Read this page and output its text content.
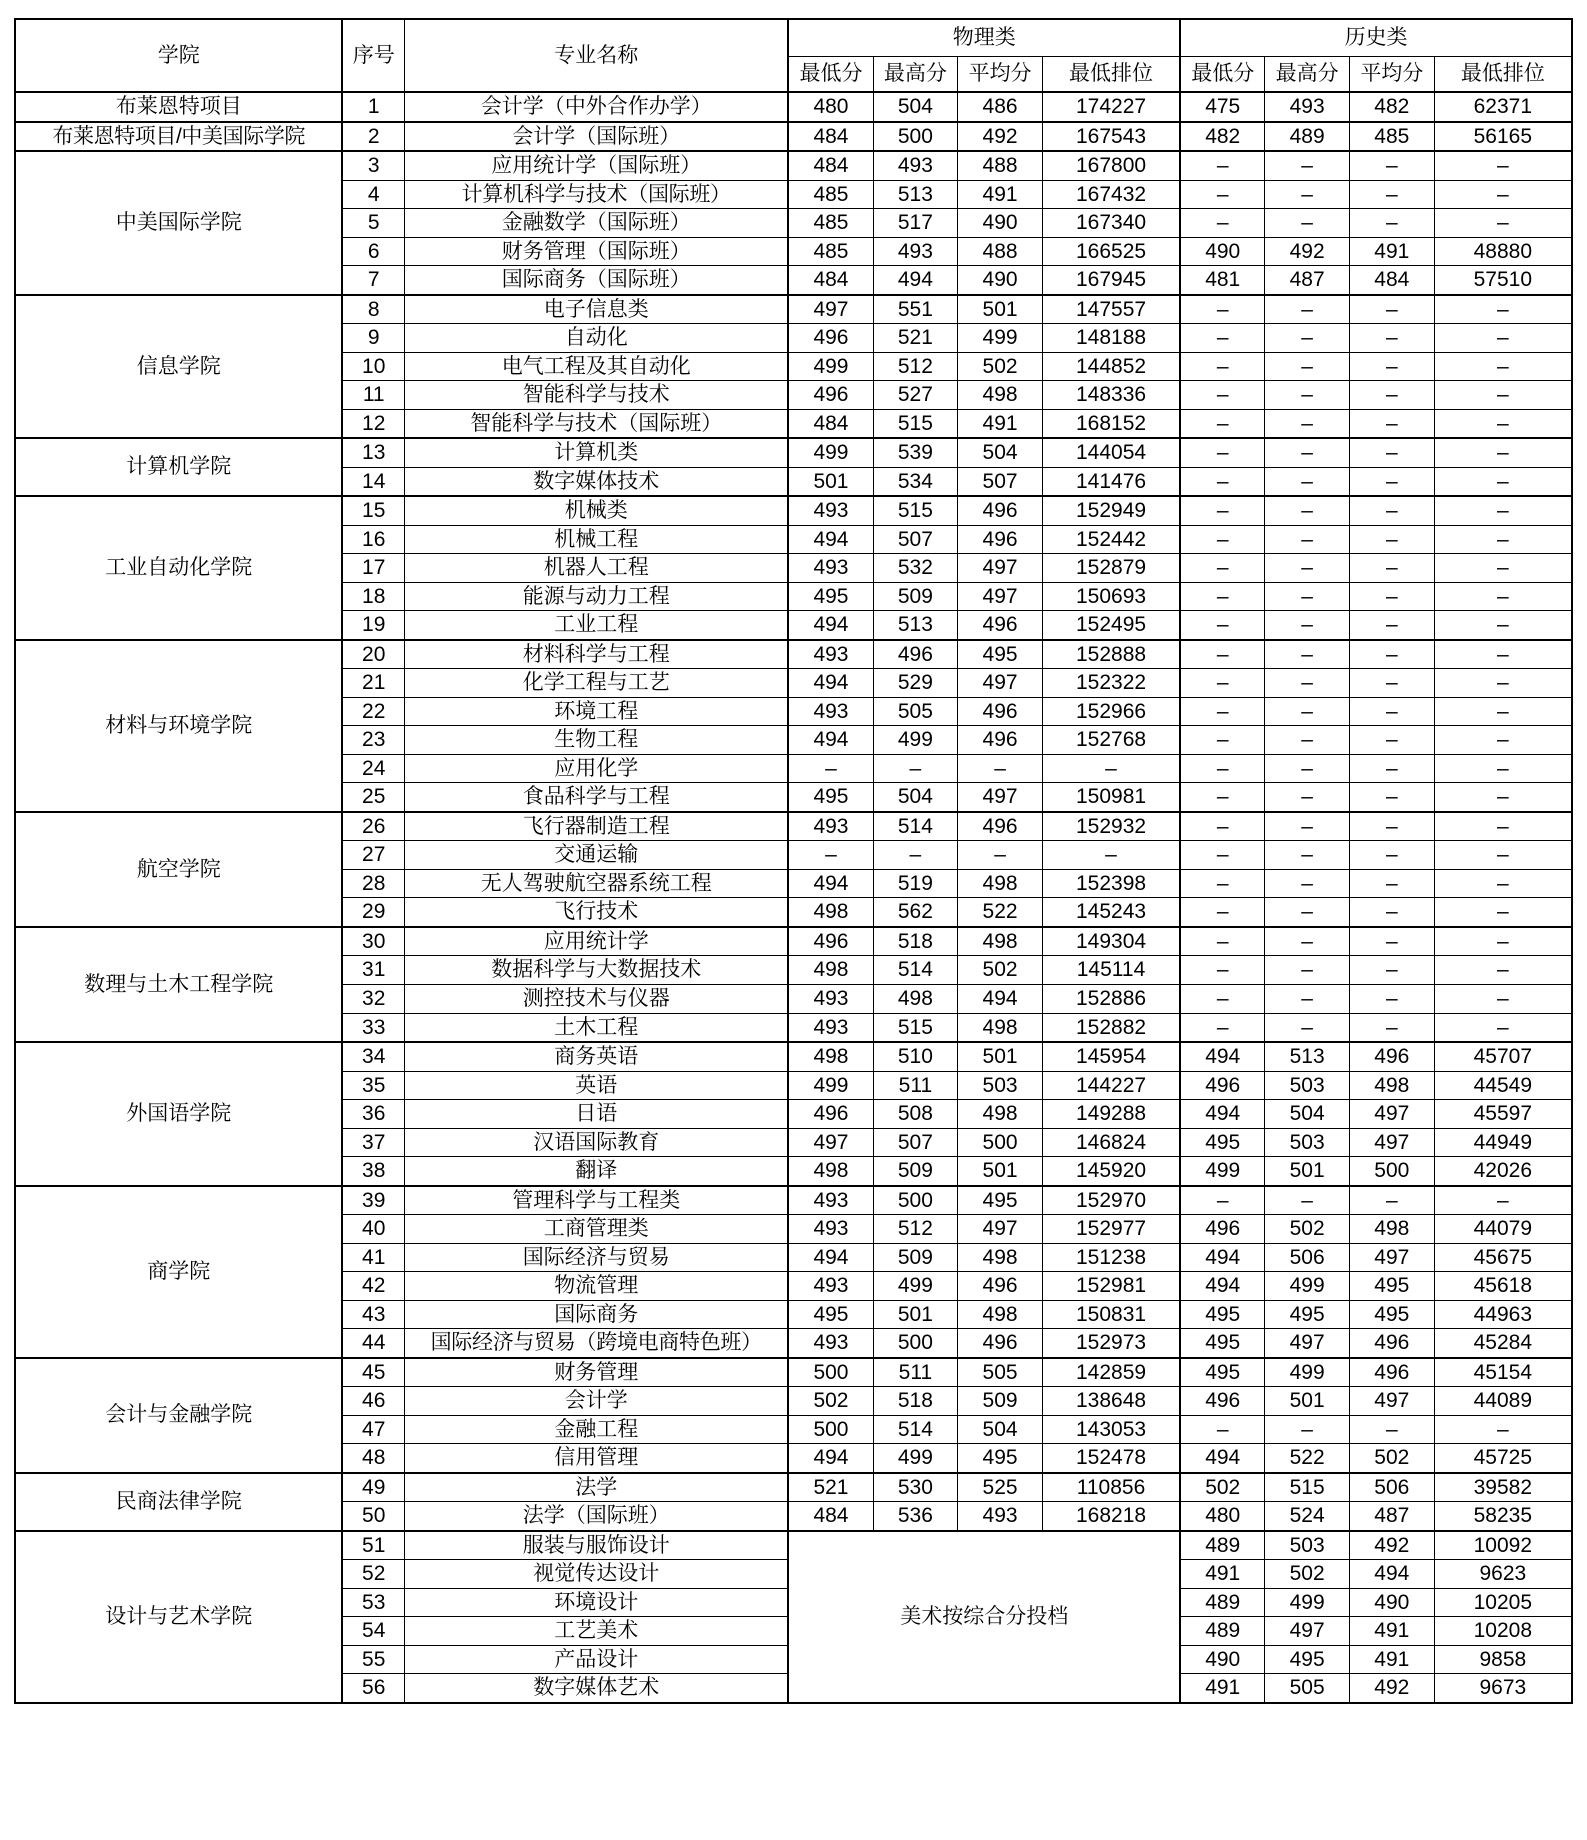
学院	序号	专业名称	物理类				历史类			
			最低分	最高分	平均分	最低排位	最低分	最高分	平均分	最低排位
布莱恩特项目	1	会计学（中外合作办学）	480	504	486	174227	475	493	482	62371
布莱恩特项目/中美国际学院	2	会计学（国际班）	484	500	492	167543	482	489	485	56165
中美国际学院	3	应用统计学（国际班）	484	493	488	167800	–	–	–	–
	4	计算机科学与技术（国际班）	485	513	491	167432	–	–	–	–
	5	金融数学（国际班）	485	517	490	167340	–	–	–	–
	6	财务管理（国际班）	485	493	488	166525	490	492	491	48880
	7	国际商务（国际班）	484	494	490	167945	481	487	484	57510
信息学院	8	电子信息类	497	551	501	147557	–	–	–	–
	9	自动化	496	521	499	148188	–	–	–	–
	10	电气工程及其自动化	499	512	502	144852	–	–	–	–
	11	智能科学与技术	496	527	498	148336	–	–	–	–
	12	智能科学与技术（国际班）	484	515	491	168152	–	–	–	–
计算机学院	13	计算机类	499	539	504	144054	–	–	–	–
	14	数字媒体技术	501	534	507	141476	–	–	–	–
工业自动化学院	15	机械类	493	515	496	152949	–	–	–	–
	16	机械工程	494	507	496	152442	–	–	–	–
	17	机器人工程	493	532	497	152879	–	–	–	–
	18	能源与动力工程	495	509	497	150693	–	–	–	–
	19	工业工程	494	513	496	152495	–	–	–	–
材料与环境学院	20	材料科学与工程	493	496	495	152888	–	–	–	–
	21	化学工程与工艺	494	529	497	152322	–	–	–	–
	22	环境工程	493	505	496	152966	–	–	–	–
	23	生物工程	494	499	496	152768	–	–	–	–
	24	应用化学	–	–	–	–	–	–	–	–
	25	食品科学与工程	495	504	497	150981	–	–	–	–
航空学院	26	飞行器制造工程	493	514	496	152932	–	–	–	–
	27	交通运输	–	–	–	–	–	–	–	–
	28	无人驾驶航空器系统工程	494	519	498	152398	–	–	–	–
	29	飞行技术	498	562	522	145243	–	–	–	–
数理与土木工程学院	30	应用统计学	496	518	498	149304	–	–	–	–
	31	数据科学与大数据技术	498	514	502	145114	–	–	–	–
	32	测控技术与仪器	493	498	494	152886	–	–	–	–
	33	土木工程	493	515	498	152882	–	–	–	–
外国语学院	34	商务英语	498	510	501	145954	494	513	496	45707
	35	英语	499	511	503	144227	496	503	498	44549
	36	日语	496	508	498	149288	494	504	497	45597
	37	汉语国际教育	497	507	500	146824	495	503	497	44949
	38	翻译	498	509	501	145920	499	501	500	42026
商学院	39	管理科学与工程类	493	500	495	152970	–	–	–	–
	40	工商管理类	493	512	497	152977	496	502	498	44079
	41	国际经济与贸易	494	509	498	151238	494	506	497	45675
	42	物流管理	493	499	496	152981	494	499	495	45618
	43	国际商务	495	501	498	150831	495	495	495	44963
	44	国际经济与贸易（跨境电商特色班）	493	500	496	152973	495	497	496	45284
会计与金融学院	45	财务管理	500	511	505	142859	495	499	496	45154
	46	会计学	502	518	509	138648	496	501	497	44089
	47	金融工程	500	514	504	143053	–	–	–	–
	48	信用管理	494	499	495	152478	494	522	502	45725
民商法律学院	49	法学	521	530	525	110856	502	515	506	39582
	50	法学（国际班）	484	536	493	168218	480	524	487	58235
设计与艺术学院	51	服装与服饰设计	美术按综合分投档				489	503	492	10092
	52	视觉传达设计					491	502	494	9623
	53	环境设计					489	499	490	10205
	54	工艺美术					489	497	491	10208
	55	产品设计					490	495	491	9858
	56	数字媒体艺术					491	505	492	9673
